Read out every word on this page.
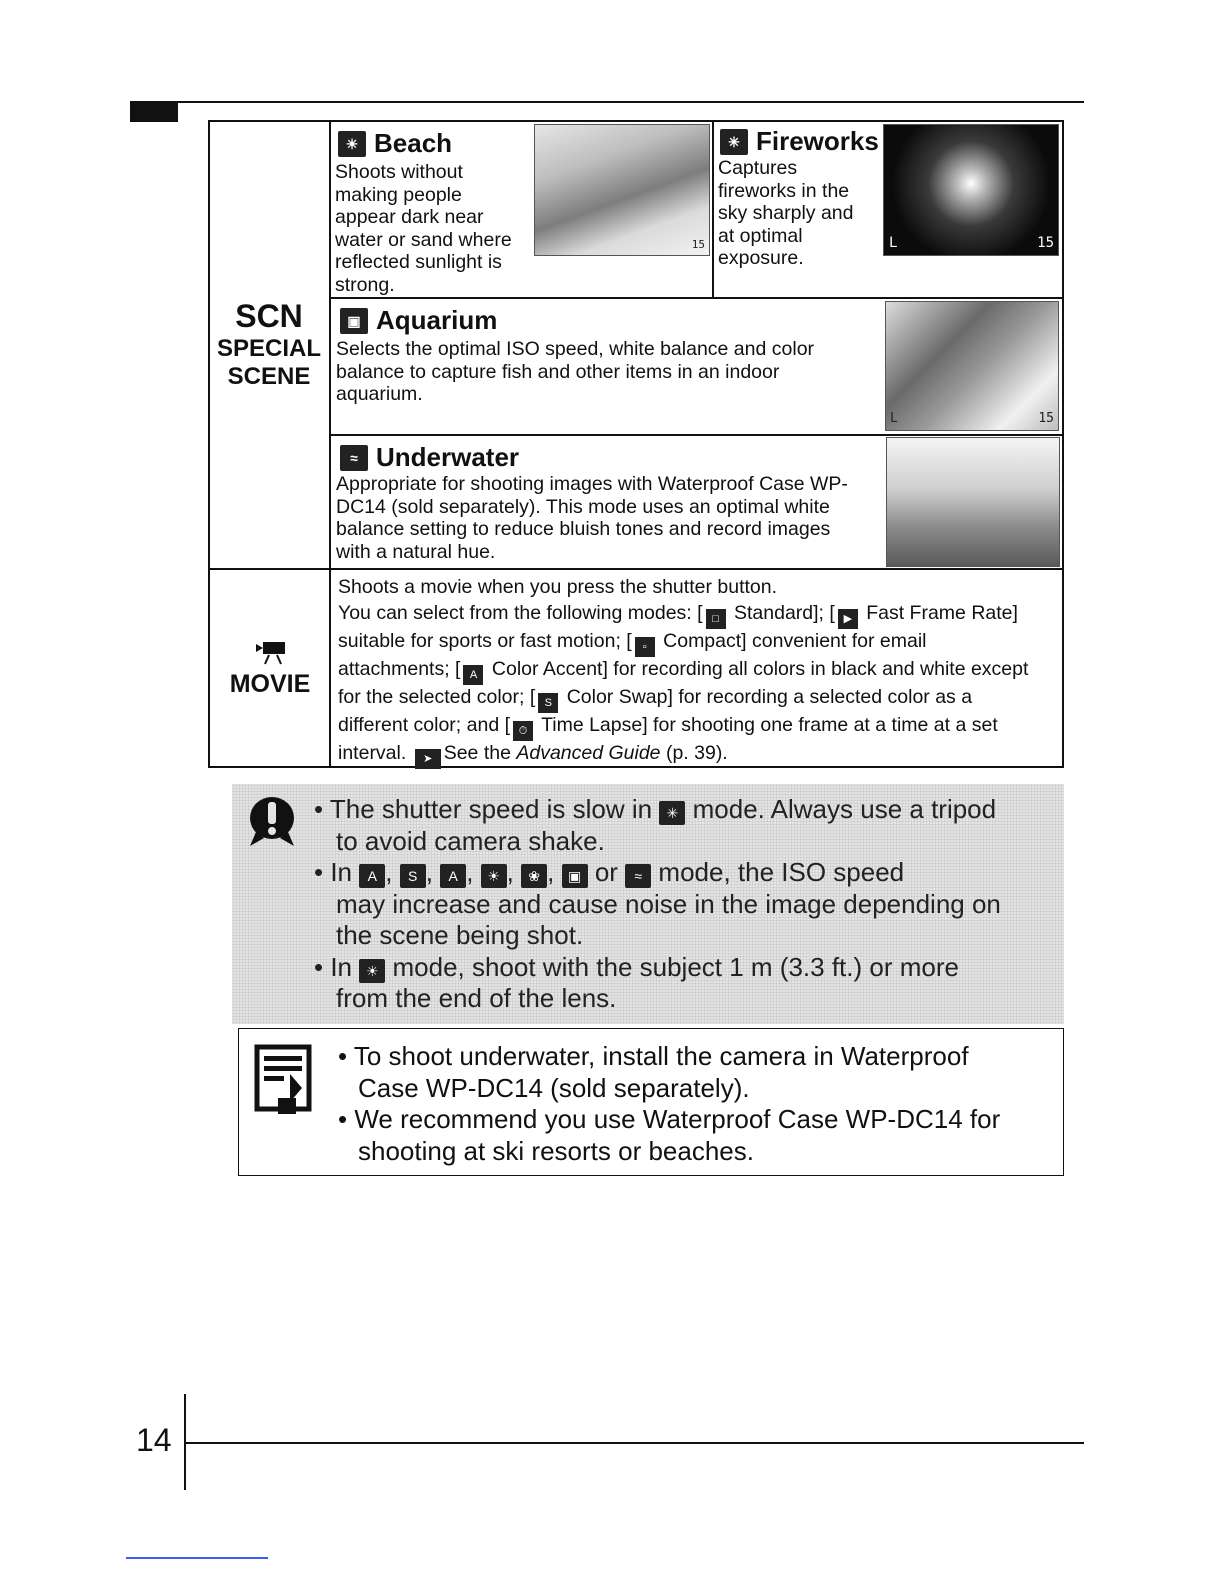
SCN
SPECIAL
SCENE
☀ Beach
Shoots without
making people
appear dark near
water or sand where
reflected sunlight is
strong.
15
✳ Fireworks
Captures
fireworks in the
sky sharply and
at optimal
exposure.
15
L
▣ Aquarium
Selects the optimal ISO speed, white balance and color
balance to capture fish and other items in an indoor
aquarium.
15
L
≈ Underwater
Appropriate for shooting images with Waterproof Case WP-
DC14 (sold separately). This mode uses an optimal white
balance setting to reduce bluish tones and record images
with a natural hue.
MOVIE
Shoots a movie when you press the shutter button.
You can select from the following modes: [ □ Standard]; [ ▶ Fast Frame Rate]
suitable for sports or fast motion; [ ▫ Compact] convenient for email
attachments; [ A Color Accent] for recording all colors in black and white except
for the selected color; [ S Color Swap] for recording a selected color as a
different color; and [ ⏱ Time Lapse] for shooting one frame at a time at a set
interval. ➤ See the Advanced Guide (p. 39).
• The shutter speed is slow in ✳ mode. Always use a tripod
to avoid camera shake.
• In A , S , A , ☀ , ❀ , ▣ or ≈ mode, the ISO speed
may increase and cause noise in the image depending on
the scene being shot.
• In ☀ mode, shoot with the subject 1 m (3.3 ft.) or more
from the end of the lens.
• To shoot underwater, install the camera in Waterproof
Case WP-DC14 (sold separately).
• We recommend you use Waterproof Case WP-DC14 for
shooting at ski resorts or beaches.
14
